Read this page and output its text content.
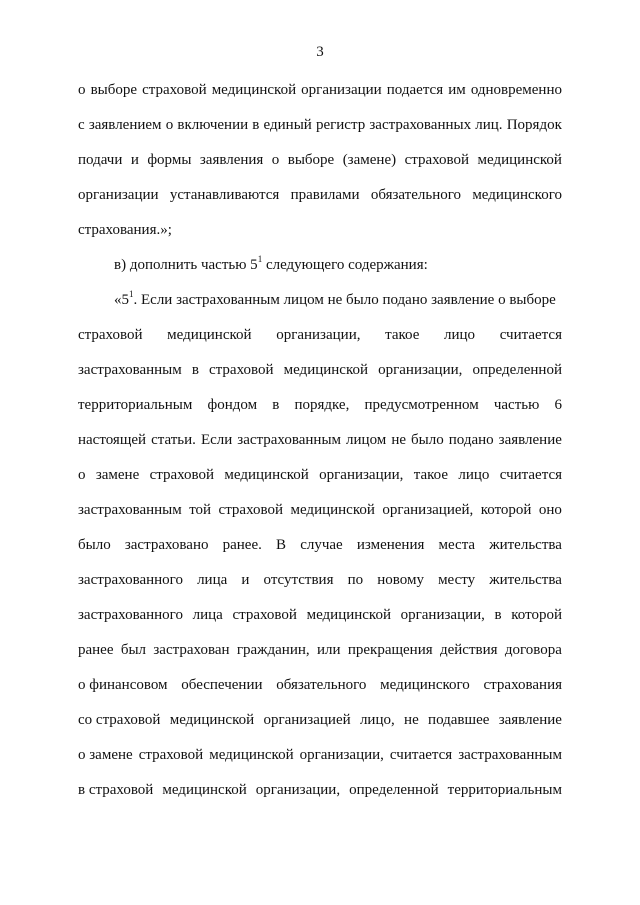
3
о выборе страховой медицинской организации подается им одновременно
с заявлением о включении в единый регистр застрахованных лиц. Порядок
подачи и формы заявления о выборе (замене) страховой медицинской
организации устанавливаются правилами обязательного медицинского
страхования.»;
в) дополнить частью $5^1$ следующего содержания:
«$5^1$. Если застрахованным лицом не было подано заявление о выборе
страховой медицинской организации, такое лицо считается
застрахованным в страховой медицинской организации, определенной
территориальным фондом в порядке, предусмотренном частью 6
настоящей статьи. Если застрахованным лицом не было подано заявление
о замене страховой медицинской организации, такое лицо считается
застрахованным той страховой медицинской организацией, которой оно
было застраховано ранее. В случае изменения места жительства
застрахованного лица и отсутствия по новому месту жительства
застрахованного лица страховой медицинской организации, в которой
ранее был застрахован гражданин, или прекращения действия договора
о финансовом обеспечении обязательного медицинского страхования
со страховой медицинской организацией лицо, не подавшее заявление
о замене страховой медицинской организации, считается застрахованным
в страховой медицинской организации, определенной территориальным
